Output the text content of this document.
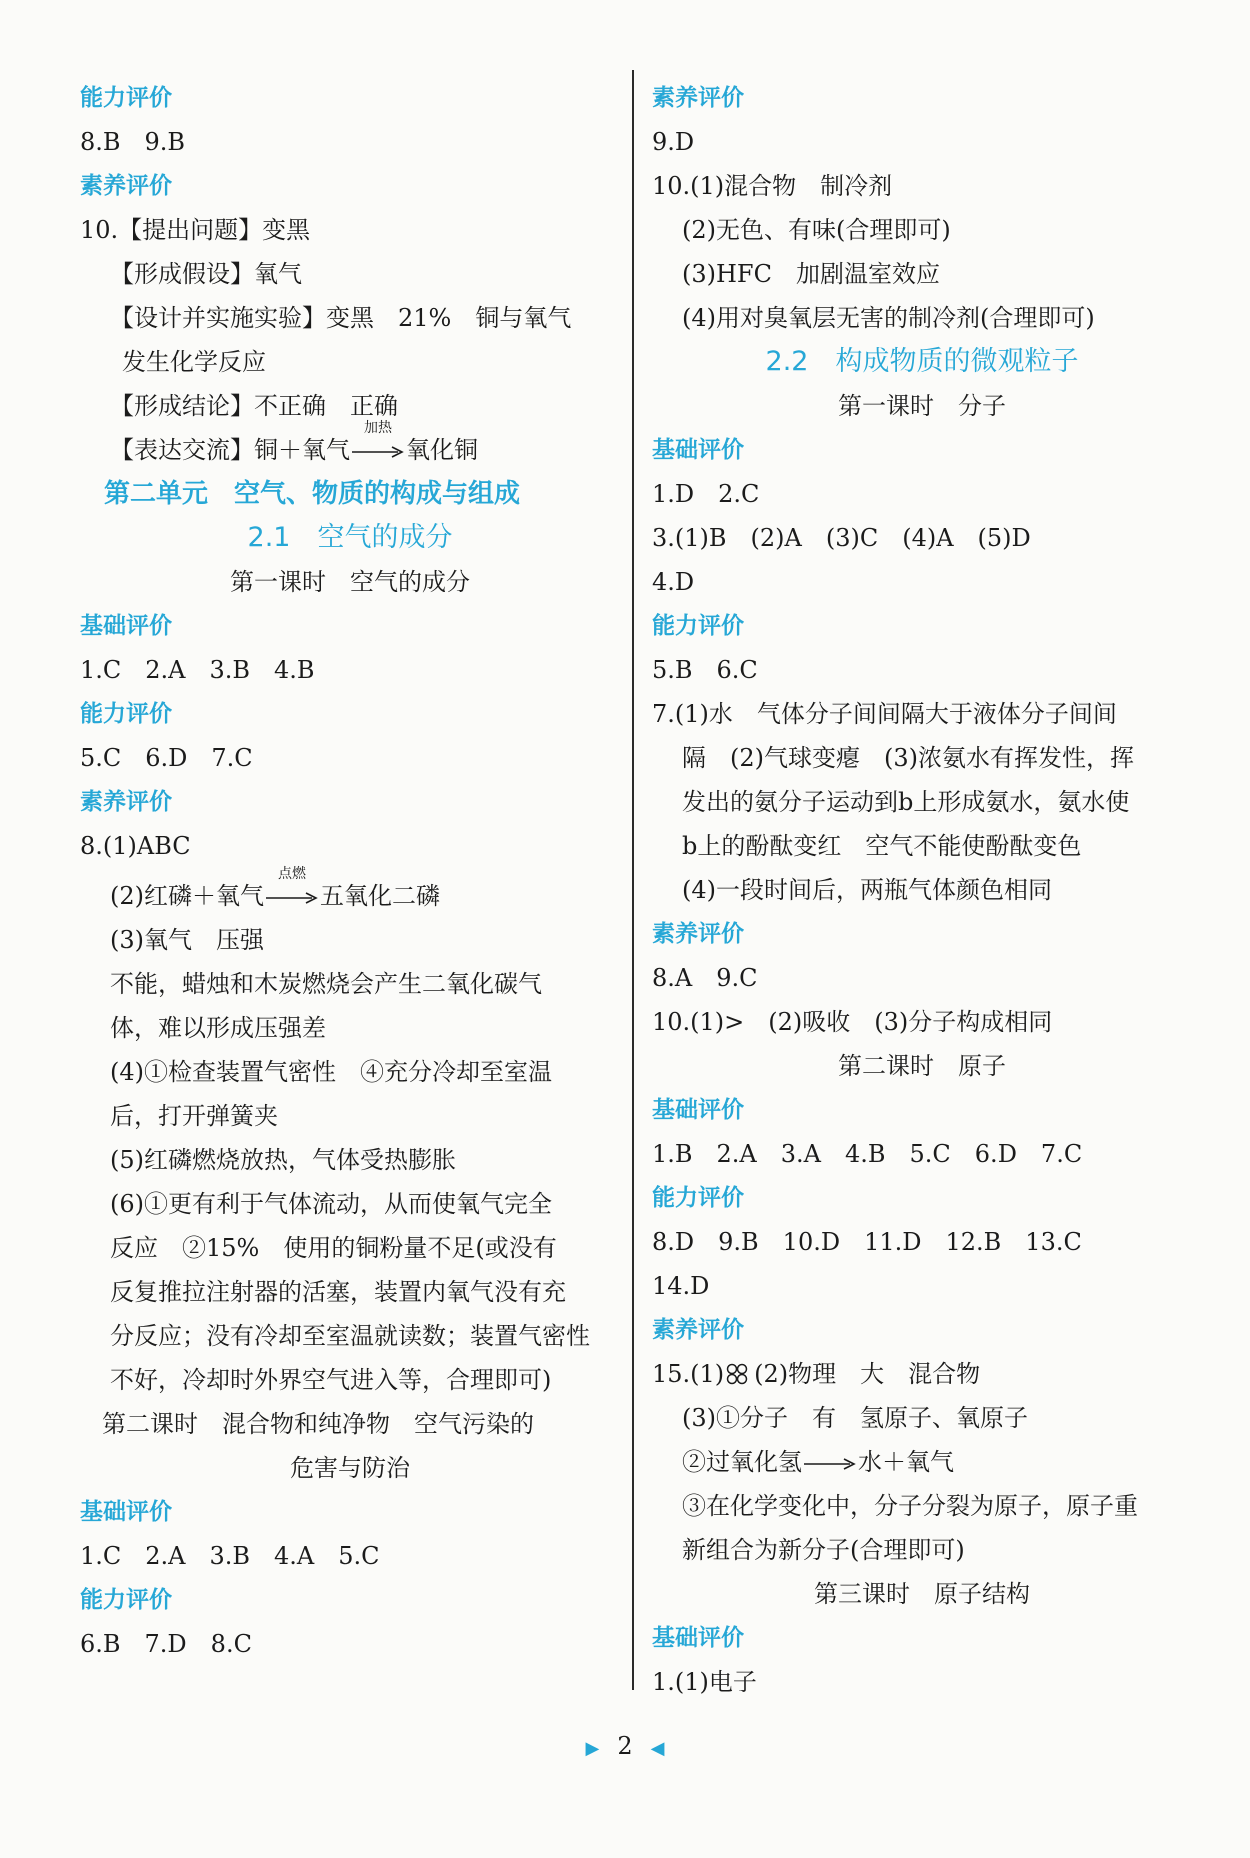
能力评价
8.B　9.B
素养评价
10.【提出问题】变黑
【形成假设】氧气
【设计并实施实验】变黑　21%　铜与氧气
发生化学反应
【形成结论】不正确　正确
【表达交流】铜＋氧气
加热
氧化铜
第二单元　空气、物质的构成与组成
2.1　空气的成分
第一课时　空气的成分
基础评价
1.C　2.A　3.B　4.B
能力评价
5.C　6.D　7.C
素养评价
8.(1)ABC
(2)红磷＋氧气
点燃
五氧化二磷
(3)氧气　压强
不能，蜡烛和木炭燃烧会产生二氧化碳气
体，难以形成压强差
(4)①检查装置气密性　④充分冷却至室温
后，打开弹簧夹
(5)红磷燃烧放热，气体受热膨胀
(6)①更有利于气体流动，从而使氧气完全
反应　②15%　使用的铜粉量不足(或没有
反复推拉注射器的活塞，装置内氧气没有充
分反应；没有冷却至室温就读数；装置气密性
不好，冷却时外界空气进入等，合理即可)
第二课时　混合物和纯净物　空气污染的
危害与防治
基础评价
1.C　2.A　3.B　4.A　5.C
能力评价
6.B　7.D　8.C
素养评价
9.D
10.(1)混合物　制冷剂
(2)无色、有味(合理即可)
(3)HFC　加剧温室效应
(4)用对臭氧层无害的制冷剂(合理即可)
2.2　构成物质的微观粒子
第一课时　分子
基础评价
1.D　2.C
3.(1)B　(2)A　(3)C　(4)A　(5)D
4.D
能力评价
5.B　6.C
7.(1)水　气体分子间间隔大于液体分子间间
隔　(2)气球变瘪　(3)浓氨水有挥发性，挥
发出的氨分子运动到b上形成氨水，氨水使
b上的酚酞变红　空气不能使酚酞变色
(4)一段时间后，两瓶气体颜色相同
素养评价
8.A　9.C
10.(1)>　(2)吸收　(3)分子构成相同
第二课时　原子
基础评价
1.B　2.A　3.A　4.B　5.C　6.D　7.C
能力评价
8.D　9.B　10.D　11.D　12.B　13.C
14.D
素养评价
15.(1) (2)物理　大　混合物
(3)①分子　有　氢原子、氧原子
②过氧化氢 → 水＋氧气
③在化学变化中，分子分裂为原子，原子重
新组合为新分子(合理即可)
第三课时　原子结构
基础评价
1.(1)电子
▶ 2 ◀
